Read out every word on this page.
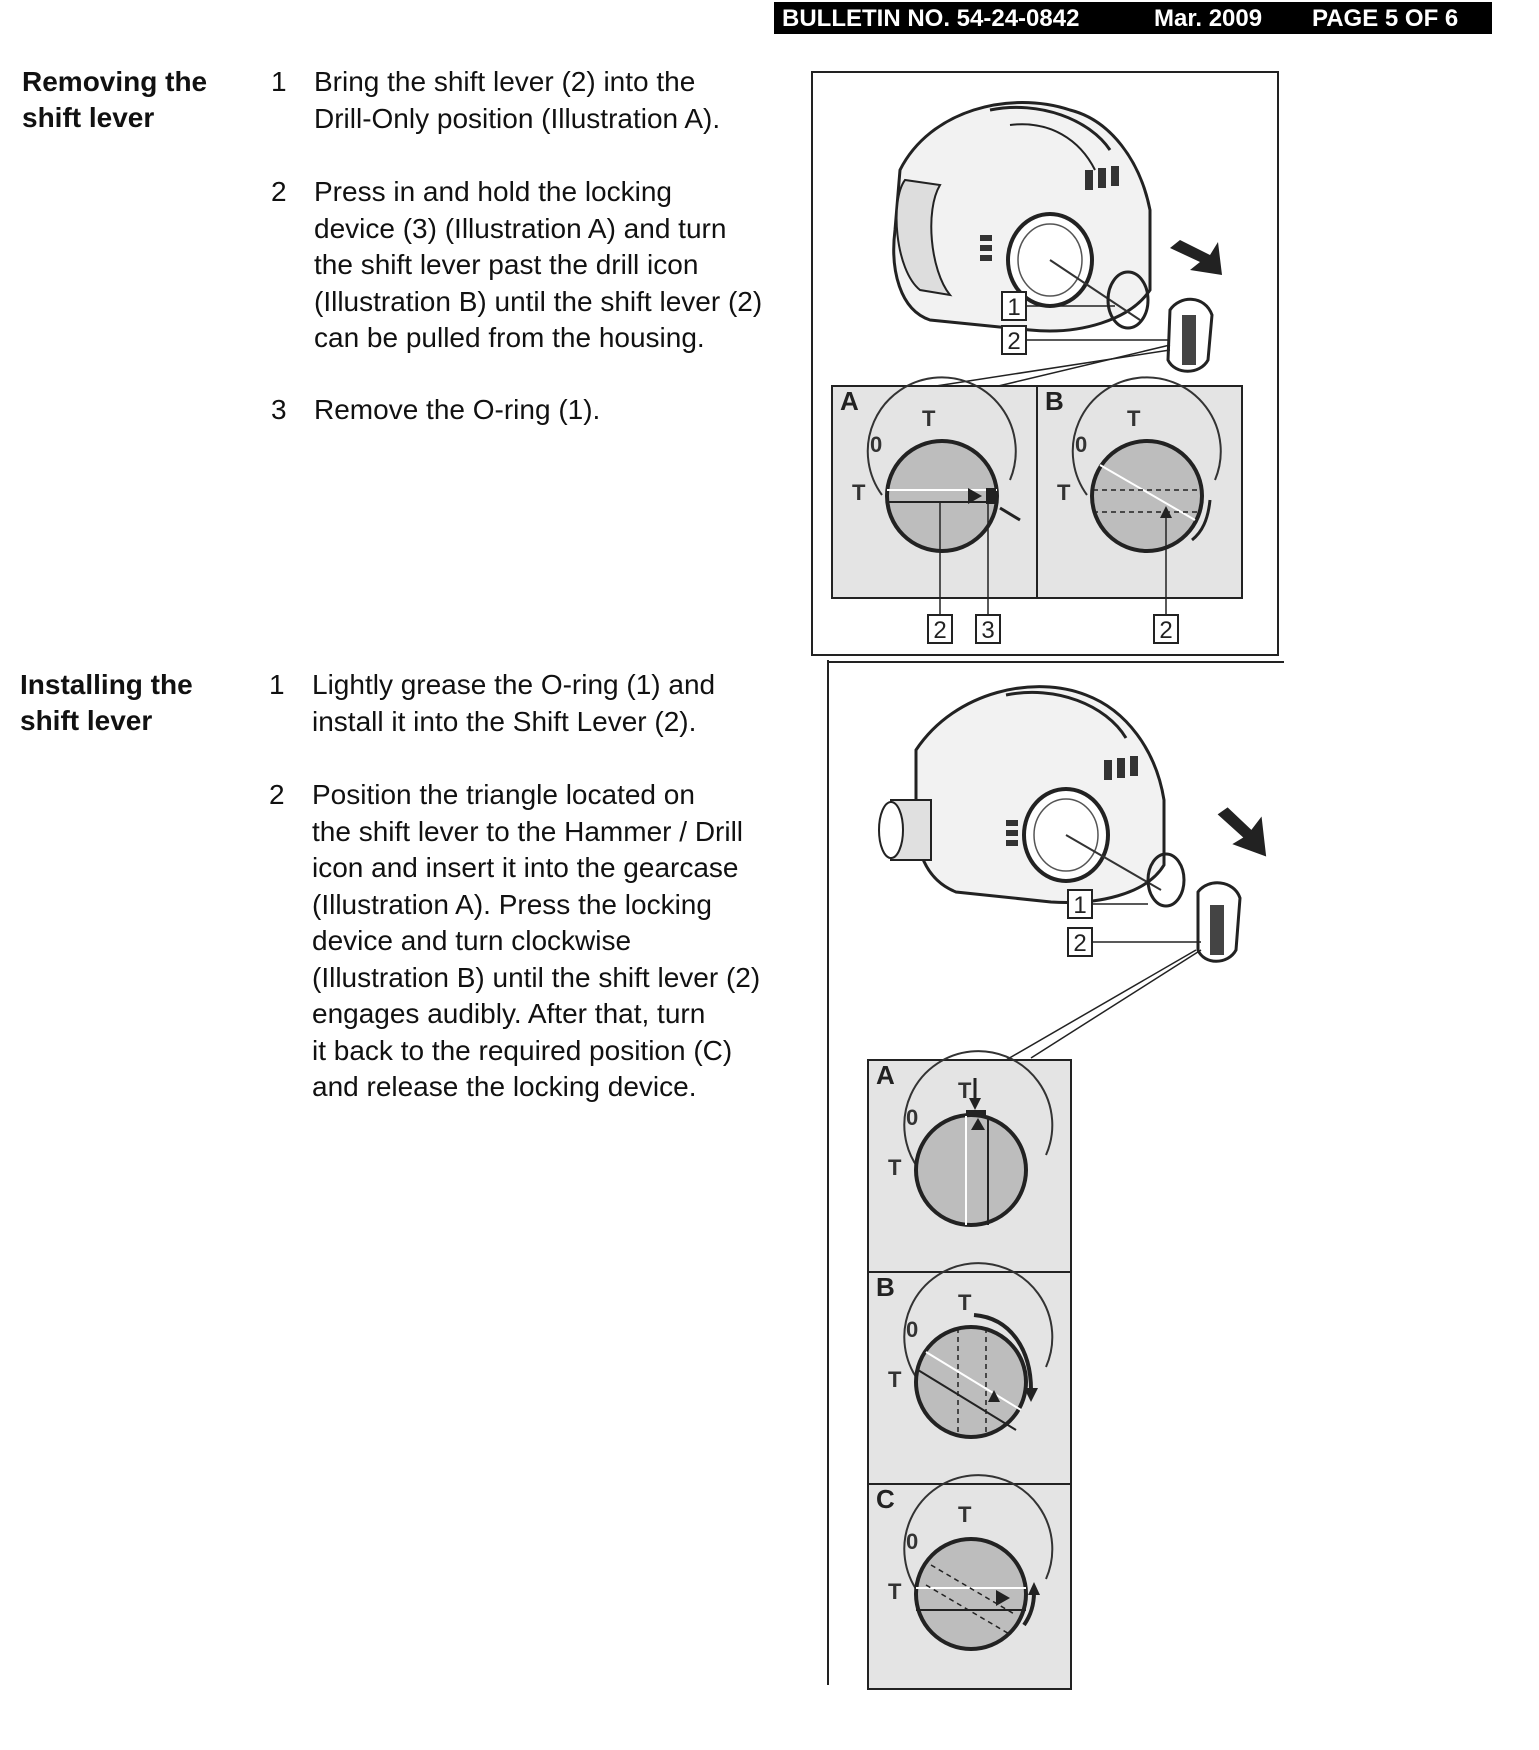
BULLETIN NO. 54-24-0842	Mar. 2009 PAGE 5 OF 6
Removing the
shift lever
1 Bring the shift lever (2) into the
Drill-Only position (Illustration A).
2 Press in and hold the locking
device (3) (Illustration A) and turn
the shift lever past the drill icon
(Illustration B) until the shift lever (2)
can be pulled from the housing.
3 Remove the O-ring (1).
Installing the
shift lever
1 Lightly grease the O-ring (1) and
install it into the Shift Lever (2).
2 Position the triangle located on
the shift lever to the Hammer / Drill
icon and insert it into the gearcase
(Illustration A). Press the locking
device and turn clockwise
(Illustration B) until the shift lever (2)
engages audibly. After that, turn
it back to the required position (C)
and release the locking device.
1
2
A
0
T
T
B
0
T
T
2 3	2
1
2
A
0
T
T
B
0
T
T
C
0
T
T
